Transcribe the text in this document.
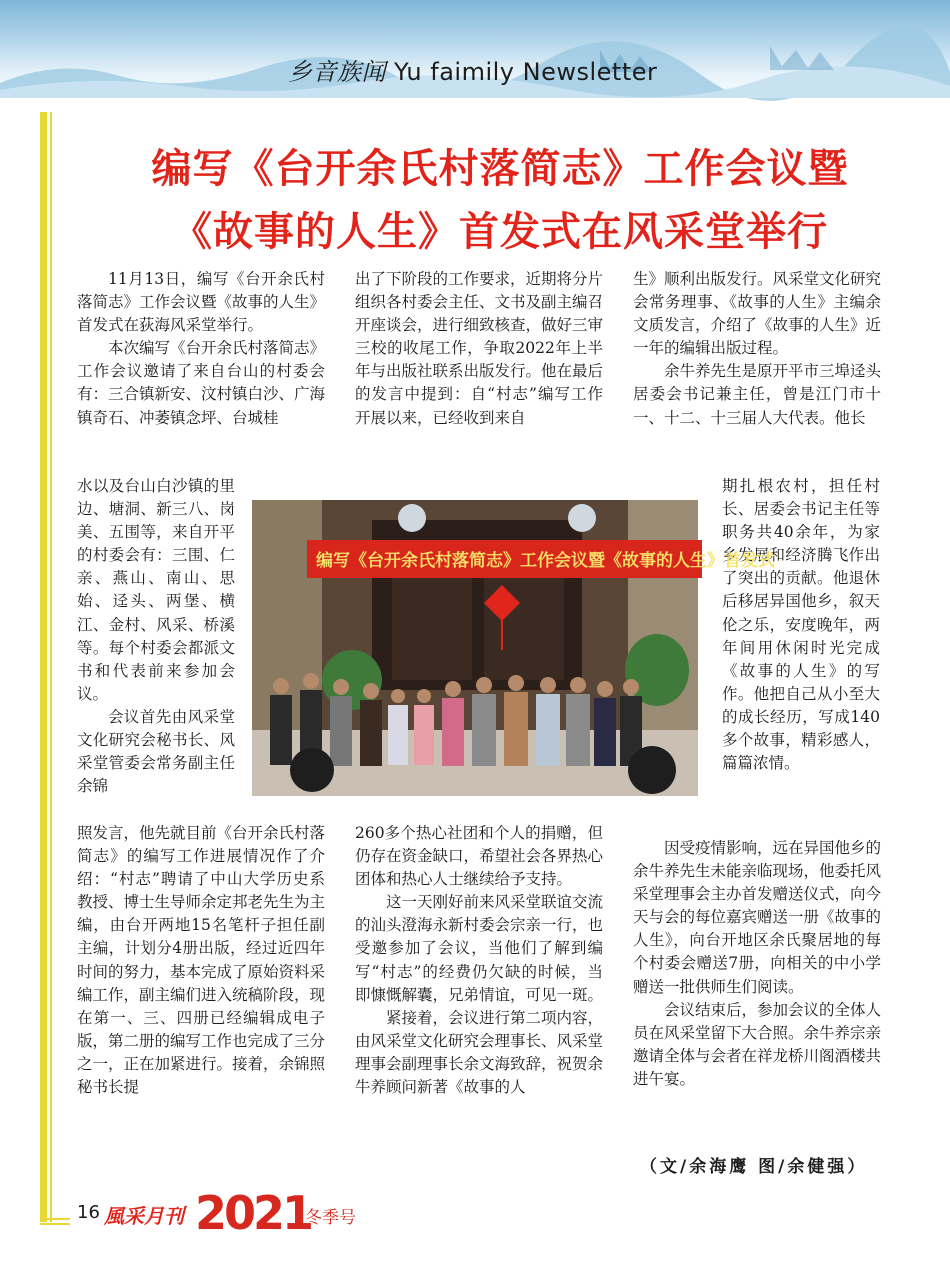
乡音族闻 Yu faimily Newsletter
编写《台开余氏村落简志》工作会议暨
《故事的人生》首发式在风采堂举行

11月13日，编写《台开余氏村落简志》工作会议暨《故事的人生》首发式在荻海风采堂举行。

本次编写《台开余氏村落简志》工作会议邀请了来自台山的村委会有：三合镇新安、汶村镇白沙、广海镇奇石、冲萎镇念坪、台城桂

水以及台山白沙镇的里边、塘洞、新三八、岗美、五围等，来自开平的村委会有：三围、仁亲、燕山、南山、思始、迳头、两堡、横江、金村、风采、桥溪等。每个村委会都派文书和代表前来参加会议。

会议首先由风采堂文化研究会秘书长、风采堂管委会常务副主任余锦

照发言，他先就目前《台开余氏村落简志》的编写工作进展情况作了介绍：“村志”聘请了中山大学历史系教授、博士生导师余定邦老先生为主编，由台开两地15名笔杆子担任副主编，计划分4册出版，经过近四年时间的努力，基本完成了原始资料采编工作，副主编们进入统稿阶段，现在第一、三、四册已经编辑成电子版，第二册的编写工作也完成了三分之一，正在加紧进行。接着，余锦照秘书长提

出了下阶段的工作要求，近期将分片组织各村委会主任、文书及副主编召开座谈会，进行细致核查，做好三审三校的收尾工作，争取2022年上半年与出版社联系出版发行。他在最后的发言中提到：自“村志”编写工作开展以来，已经收到来自

260多个热心社团和个人的捐赠，但仍存在资金缺口，希望社会各界热心团体和热心人士继续给予支持。

这一天刚好前来风采堂联谊交流的汕头澄海永新村委会宗亲一行，也受邀参加了会议，当他们了解到编写“村志”的经费仍欠缺的时候，当即慷慨解囊，兄弟情谊，可见一斑。

紧接着，会议进行第二项内容，由风采堂文化研究会理事长、风采堂理事会副理事长余文海致辞，祝贺余牛养顾问新著《故事的人

生》顺利出版发行。风采堂文化研究会常务理事、《故事的人生》主编余文质发言，介绍了《故事的人生》近一年的编辑出版过程。

余牛养先生是原开平市三埠迳头居委会书记兼主任，曾是江门市十一、十二、十三届人大代表。他长

期扎根农村，担任村长、居委会书记主任等职务共40余年，为家乡发展和经济腾飞作出了突出的贡献。他退休后移居异国他乡，叙天伦之乐，安度晚年，两年间用休闲时光完成《故事的人生》的写作。他把自己从小至大的成长经历，写成140多个故事，精彩感人，篇篇浓情。

因受疫情影响，远在异国他乡的余牛养先生未能亲临现场，他委托风采堂理事会主办首发赠送仪式，向今天与会的每位嘉宾赠送一册《故事的人生》，向台开地区余氏聚居地的每个村委会赠送7册，向相关的中小学赠送一批供师生们阅读。

会议结束后，参加会议的全体人员在风采堂留下大合照。余牛养宗亲邀请全体与会者在祥龙桥川阁酒楼共进午宴。

编写《台开余氏村落简志》工作会议暨《故事的人生》首发式
（文/余海鹰 图/余健强）
16 風采月刊 2021
冬季号
